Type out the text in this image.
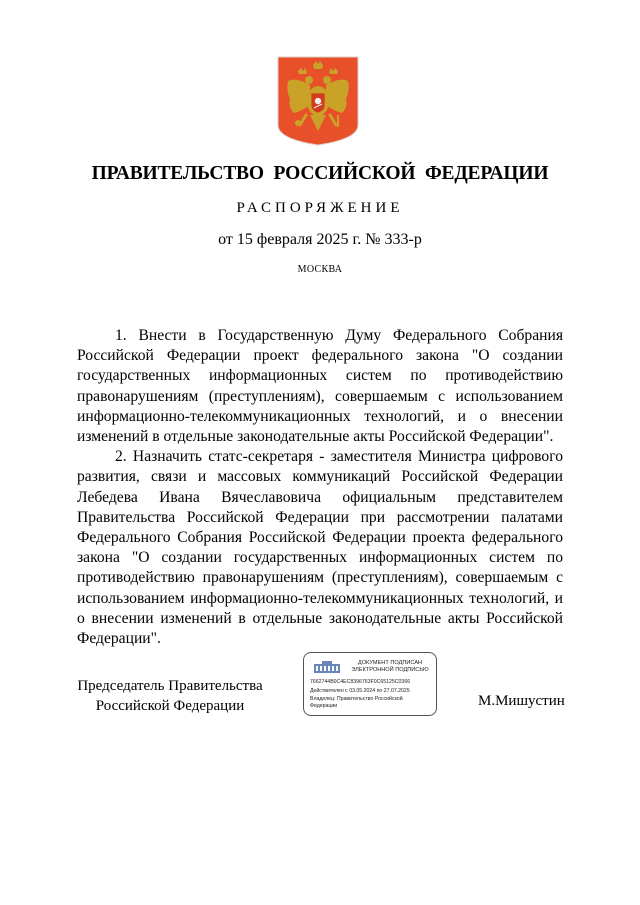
ПРАВИТЕЛЬСТВО РОССИЙСКОЙ ФЕДЕРАЦИИ
РАСПОРЯЖЕНИЕ
от 15 февраля 2025 г. № 333-р
МОСКВА

1. Внести в Государственную Думу Федерального Собрания Российской Федерации проект федерального закона "О создании государственных информационных систем по противодействию правонарушениям (преступлениям), совершаемым с использованием информационно-телекоммуникационных технологий, и о внесении изменений в отдельные законодательные акты Российской Федерации".

2. Назначить статс-секретаря - заместителя Министра цифрового развития, связи и массовых коммуникаций Российской Федерации Лебедева Ивана Вячеславовича официальным представителем Правительства Российской Федерации при рассмотрении палатами Федерального Собрания Российской Федерации проекта федерального закона "О создании государственных информационных систем по противодействию правонарушениям (преступлениям), совершаемым с использованием информационно-телекоммуникационных технологий, и о внесении изменений в отдельные законодательные акты Российской Федерации".

Председатель Правительства
Российской Федерации
ДОКУМЕНТ ПОДПИСАН
ЭЛЕКТРОННОЙ ПОДПИСЬЮ
7662744B0C4EC8396763F0C65125C0366
Действителен с 03.05.2024 по 27.07.2025
Владелец: Правительство Российской
Федерации	М.Мишустин
